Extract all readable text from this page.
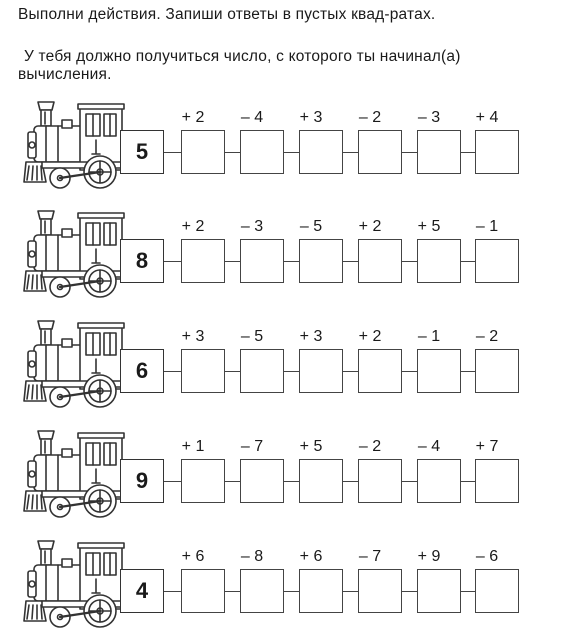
Выполни действия. Запиши ответы в пустых квад-ратах.

У тебя должно получиться число, с которого ты начинал(а) вычисления.

5
+ 2	– 4	+ 3	– 2	– 3	+ 4
8
+ 2	– 3	– 5	+ 2	+ 5	– 1
6
+ 3	– 5	+ 3	+ 2	– 1	– 2
9
+ 1	– 7	+ 5	– 2	– 4	+ 7
4
+ 6	– 8	+ 6	– 7	+ 9	– 6
